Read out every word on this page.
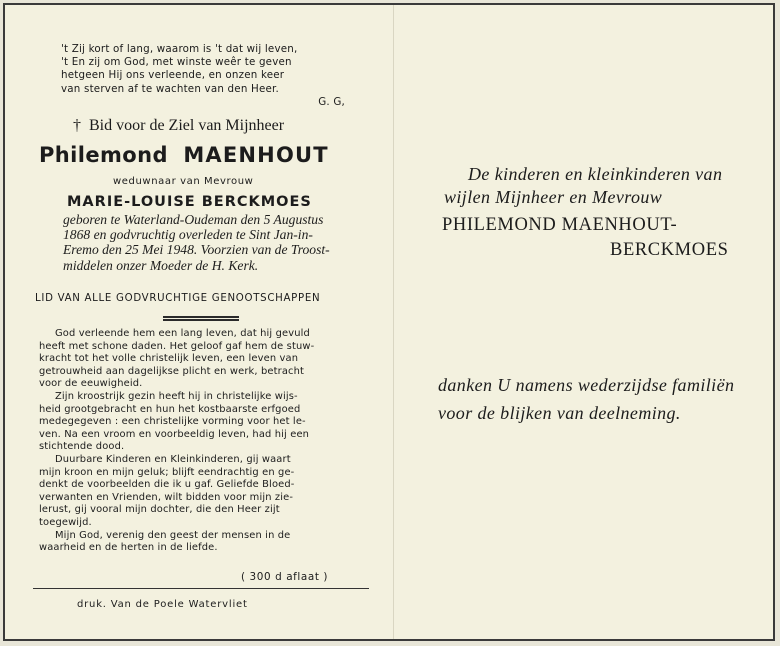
't Zij kort of lang, waarom is 't dat wij leven,
't En zij om God, met winste weêr te geven
hetgeen Hij ons verleende, en onzen keer
van sterven af te wachten van den Heer.
G. G,
† Bid voor de Ziel van Mijnheer
Philemond MAENHOUT
weduwnaar van Mevrouw
MARIE-LOUISE BERCKMOES
geboren te Waterland-Oudeman den 5 Augustus
1868 en godvruchtig overleden te Sint Jan-in-
Eremo den 25 Mei 1948. Voorzien van de Troost-
middelen onzer Moeder de H. Kerk.
LID VAN ALLE GODVRUCHTIGE GENOOTSCHAPPEN
God verleende hem een lang leven, dat hij gevuld
heeft met schone daden. Het geloof gaf hem de stuw-
kracht tot het volle christelijk leven, een leven van
getrouwheid aan dagelijkse plicht en werk, betracht
voor de eeuwigheid.
Zijn kroostrijk gezin heeft hij in christelijke wijs-
heid grootgebracht en hun het kostbaarste erfgoed
medegegeven : een christelijke vorming voor het le-
ven. Na een vroom en voorbeeldig leven, had hij een
stichtende dood.
Duurbare Kinderen en Kleinkinderen, gij waart
mijn kroon en mijn geluk; blijft eendrachtig en ge-
denkt de voorbeelden die ik u gaf. Geliefde Bloed-
verwanten en Vrienden, wilt bidden voor mijn zie-
lerust, gij vooral mijn dochter, die den Heer zijt
toegewijd.
Mijn God, verenig den geest der mensen in de
waarheid en de herten in de liefde.
( 300 d aflaat )
druk. Van de Poele Watervliet
De kinderen en kleinkinderen van
wijlen Mijnheer en Mevrouw
PHILEMOND MAENHOUT-
BERCKMOES
danken U namens wederzijdse familiën
voor de blijken van deelneming.
